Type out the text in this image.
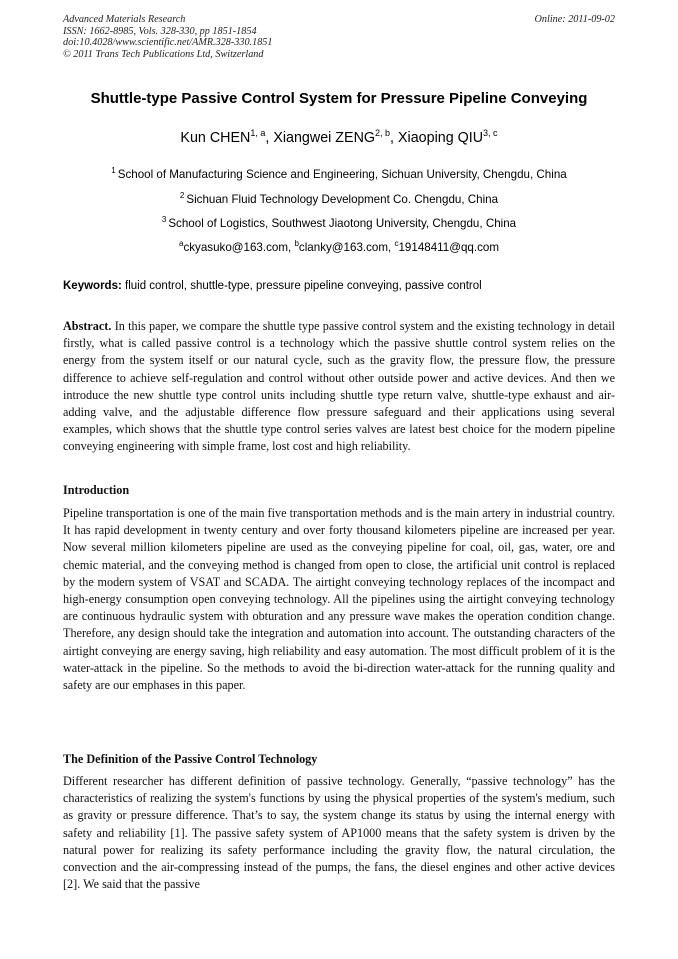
Advanced Materials Research
ISSN: 1662-8985, Vols. 328-330, pp 1851-1854
doi:10.4028/www.scientific.net/AMR.328-330.1851
© 2011 Trans Tech Publications Ltd, Switzerland
Online: 2011-09-02
Shuttle-type Passive Control System for Pressure Pipeline Conveying
Kun CHEN$^{1, a}$, Xiangwei ZENG$^{2, b}$, Xiaoping QIU$^{3, c}$
$^1$ School of Manufacturing Science and Engineering, Sichuan University, Chengdu, China
$^2$ Sichuan Fluid Technology Development Co. Chengdu, China
$^3$ School of Logistics, Southwest Jiaotong University, Chengdu, China
$^a$ckyasuko@163.com, $^b$clanky@163.com, $^c$19148411@qq.com
Keywords: fluid control, shuttle-type, pressure pipeline conveying, passive control
Abstract. In this paper, we compare the shuttle type passive control system and the existing technology in detail firstly, what is called passive control is a technology which the passive shuttle control system relies on the energy from the system itself or our natural cycle, such as the gravity flow, the pressure flow, the pressure difference to achieve self-regulation and control without other outside power and active devices. And then we introduce the new shuttle type control units including shuttle type return valve, shuttle-type exhaust and air-adding valve, and the adjustable difference flow pressure safeguard and their applications using several examples, which shows that the shuttle type control series valves are latest best choice for the modern pipeline conveying engineering with simple frame, lost cost and high reliability.
Introduction
Pipeline transportation is one of the main five transportation methods and is the main artery in industrial country. It has rapid development in twenty century and over forty thousand kilometers pipeline are increased per year. Now several million kilometers pipeline are used as the conveying pipeline for coal, oil, gas, water, ore and chemic material, and the conveying method is changed from open to close, the artificial unit control is replaced by the modern system of VSAT and SCADA. The airtight conveying technology replaces of the incompact and high-energy consumption open conveying technology. All the pipelines using the airtight conveying technology are continuous hydraulic system with obturation and any pressure wave makes the operation condition change. Therefore, any design should take the integration and automation into account. The outstanding characters of the airtight conveying are energy saving, high reliability and easy automation. The most difficult problem of it is the water-attack in the pipeline. So the methods to avoid the bi-direction water-attack for the running quality and safety are our emphases in this paper.
The Definition of the Passive Control Technology
Different researcher has different definition of passive technology. Generally, “passive technology” has the characteristics of realizing the system's functions by using the physical properties of the system's medium, such as gravity or pressure difference. That’s to say, the system change its status by using the internal energy with safety and reliability [1]. The passive safety system of AP1000 means that the safety system is driven by the natural power for realizing its safety performance including the gravity flow, the natural circulation, the convection and the air-compressing instead of the pumps, the fans, the diesel engines and other active devices [2]. We said that the passive
